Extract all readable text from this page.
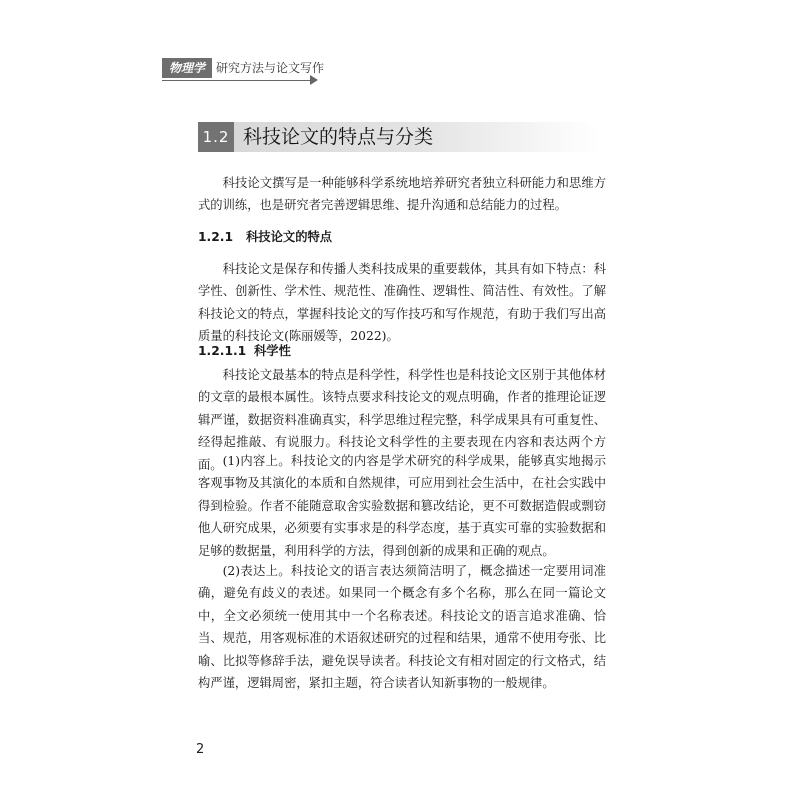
物理学 研究方法与论文写作
1.2 科技论文的特点与分类

科技论文撰写是一种能够科学系统地培养研究者独立科研能力和思维方式的训练，也是研究者完善逻辑思维、提升沟通和总结能力的过程。

1.2.1 科技论文的特点

科技论文是保存和传播人类科技成果的重要载体，其具有如下特点：科学性、创新性、学术性、规范性、准确性、逻辑性、简洁性、有效性。了解科技论文的特点，掌握科技论文的写作技巧和写作规范，有助于我们写出高质量的科技论文(陈丽媛等，2022)。

1.2.1.1 科学性

科技论文最基本的特点是科学性，科学性也是科技论文区别于其他体材的文章的最根本属性。该特点要求科技论文的观点明确，作者的推理论证逻辑严谨，数据资料准确真实，科学思维过程完整，科学成果具有可重复性、经得起推敲、有说服力。科技论文科学性的主要表现在内容和表达两个方面。 (1)内容上。科技论文的内容是学术研究的科学成果，能够真实地揭示客观事物及其演化的本质和自然规律，可应用到社会生活中，在社会实践中得到检验。作者不能随意取舍实验数据和篡改结论，更不可数据造假或剽窃他人研究成果，必须要有实事求是的科学态度，基于真实可靠的实验数据和足够的数据量，利用科学的方法，得到创新的成果和正确的观点。

(2)表达上。科技论文的语言表达须简洁明了，概念描述一定要用词准确，避免有歧义的表述。如果同一个概念有多个名称，那么在同一篇论文中，全文必须统一使用其中一个名称表述。科技论文的语言追求准确、恰当、规范，用客观标准的术语叙述研究的过程和结果，通常不使用夸张、比喻、比拟等修辞手法，避免误导读者。科技论文有相对固定的行文格式，结构严谨，逻辑周密，紧扣主题，符合读者认知新事物的一般规律。

2
